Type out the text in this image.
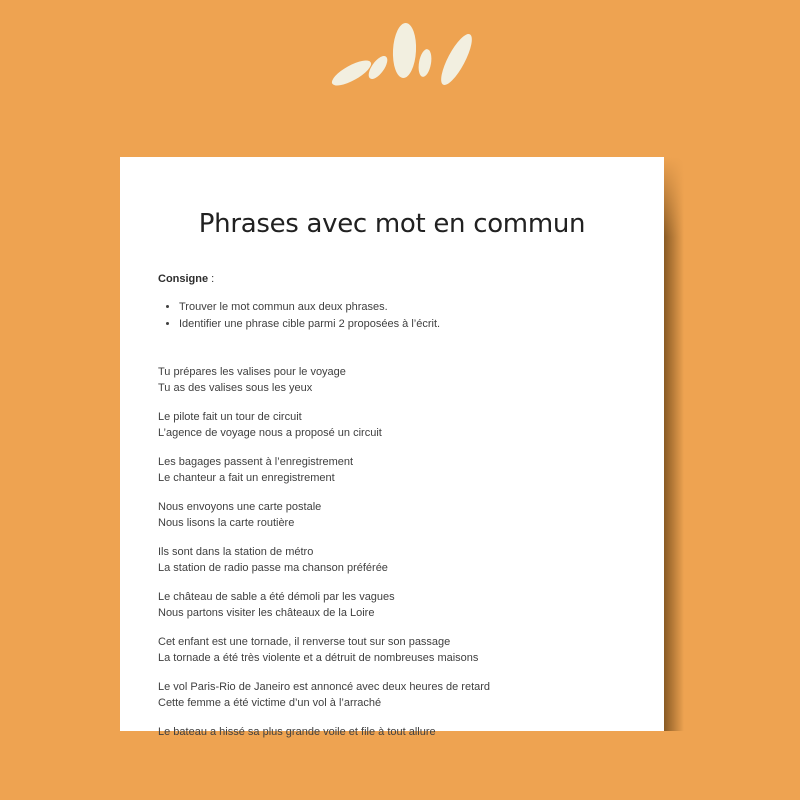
Phrases avec mot en commun
Consigne :
• Trouver le mot commun aux deux phrases.
• Identifier une phrase cible parmi 2 proposées à l’écrit.
Tu prépares les valises pour le voyage
Tu as des valises sous les yeux
Le pilote fait un tour de circuit
L’agence de voyage nous a proposé un circuit
Les bagages passent à l’enregistrement
Le chanteur a fait un enregistrement
Nous envoyons une carte postale
Nous lisons la carte routière
Ils sont dans la station de métro
La station de radio passe ma chanson préférée
Le château de sable a été démoli par les vagues
Nous partons visiter les châteaux de la Loire
Cet enfant est une tornade, il renverse tout sur son passage
La tornade a été très violente et a détruit de nombreuses maisons
Le vol Paris-Rio de Janeiro est annoncé avec deux heures de retard
Cette femme a été victime d’un vol à l’arraché
Le bateau a hissé sa plus grande voile et file à tout allure
